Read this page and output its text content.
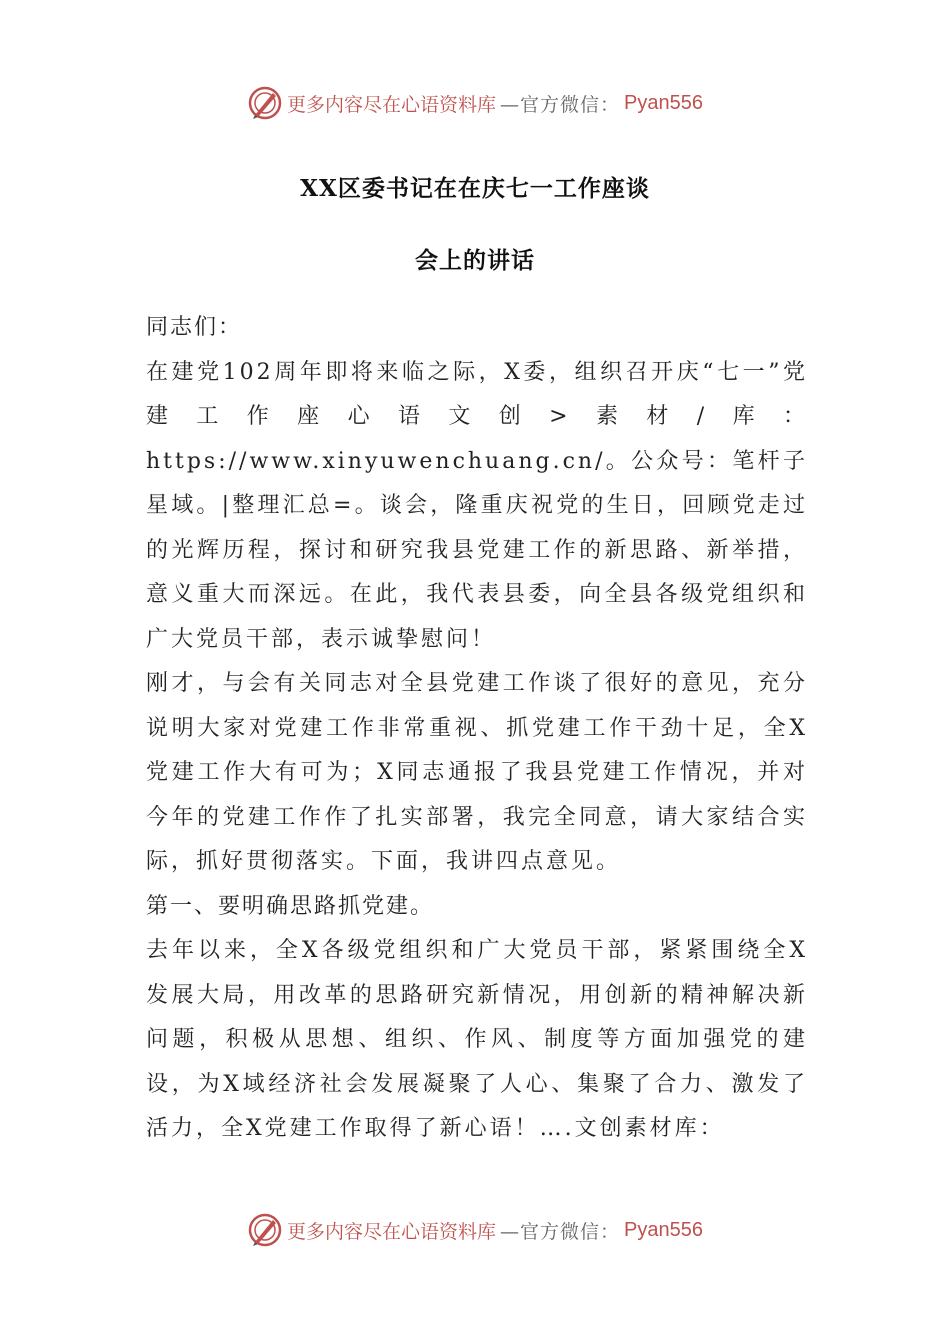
更多内容尽在心语资料库 —官方微信： Pyan556
XX区委书记在在庆七一工作座谈
会上的讲话

同志们：

在建党102周年即将来临之际，X委，组织召开庆“七一”党建工作座心语文创>素材/库：https://www.xinyuwenchuang.cn/。公众号：笔杆子星域。|整理汇总=。谈会，隆重庆祝党的生日，回顾党走过的光辉历程，探讨和研究我县党建工作的新思路、新举措，意义重大而深远。在此，我代表县委，向全县各级党组织和广大党员干部，表示诚挚慰问！

刚才，与会有关同志对全县党建工作谈了很好的意见，充分说明大家对党建工作非常重视、抓党建工作干劲十足，全X党建工作大有可为；X同志通报了我县党建工作情况，并对今年的党建工作作了扎实部署，我完全同意，请大家结合实际，抓好贯彻落实。下面，我讲四点意见。

第一、要明确思路抓党建。

去年以来，全X各级党组织和广大党员干部，紧紧围绕全X发展大局，用改革的思路研究新情况，用创新的精神解决新问题，积极从思想、组织、作风、制度等方面加强党的建设，为X域经济社会发展凝聚了人心、集聚了合力、激发了活力，全X党建工作取得了新心语！….文创素材库：

更多内容尽在心语资料库 —官方微信： Pyan556
